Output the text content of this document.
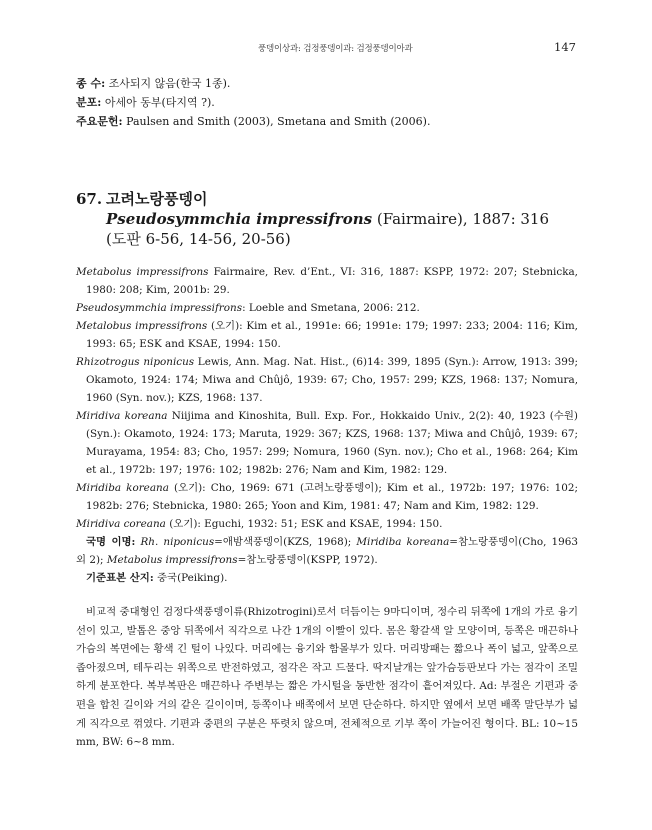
풍뎅이상과: 검정풍뎅이과: 검정풍뎅이아과	147

종 수: 조사되지 않음(한국 1종).

분포: 아세아 동부(타지역 ?).

주요문헌: Paulsen and Smith (2003), Smetana and Smith (2006).

67. 고려노랑풍뎅이
Pseudosymmchia impressifrons (Fairmaire), 1887: 316
(도판 6-56, 14-56, 20-56)

Metabolus impressifrons Fairmaire, Rev. d’Ent., VI: 316, 1887: KSPP, 1972: 207; Stebnicka, 1980: 208; Kim, 2001b: 29.

Pseudosymmchia impressifrons: Loeble and Smetana, 2006: 212.

Metalobus impressifrons (오기): Kim et al., 1991e: 66; 1991e: 179; 1997: 233; 2004: 116; Kim, 1993: 65; ESK and KSAE, 1994: 150.

Rhizotrogus niponicus Lewis, Ann. Mag. Nat. Hist., (6)14: 399, 1895 (Syn.): Arrow, 1913: 399; Okamoto, 1924: 174; Miwa and Chûjô, 1939: 67; Cho, 1957: 299; KZS, 1968: 137; Nomura, 1960 (Syn. nov.); KZS, 1968: 137.

Miridiva koreana Niijima and Kinoshita, Bull. Exp. For., Hokkaido Univ., 2(2): 40, 1923 (수원)(Syn.): Okamoto, 1924: 173; Maruta, 1929: 367; KZS, 1968: 137; Miwa and Chûjô, 1939: 67; Murayama, 1954: 83; Cho, 1957: 299; Nomura, 1960 (Syn. nov.); Cho et al., 1968: 264; Kim et al., 1972b: 197; 1976: 102; 1982b: 276; Nam and Kim, 1982: 129.

Miridiba koreana (오기): Cho, 1969: 671 (고려노랑풍뎅이); Kim et al., 1972b: 197; 1976: 102; 1982b: 276; Stebnicka, 1980: 265; Yoon and Kim, 1981: 47; Nam and Kim, 1982: 129.

Miridiva coreana (오기): Eguchi, 1932: 51; ESK and KSAE, 1994: 150.

국명 이명: Rh. niponicus=애밤색풍뎅이(KZS, 1968); Miridiba koreana=참노랑풍뎅이(Cho, 1963 외 2); Metabolus impressifrons=참노랑풍뎅이(KSPP, 1972).

기준표본 산지: 중국(Peiking).

비교적 중대형인 검정다색풍뎅이류(Rhizotrogini)로서 더듬이는 9마디이며, 정수리 뒤쪽에 1개의 가로 융기선이 있고, 발톱은 중앙 뒤쪽에서 직각으로 나간 1개의 이빨이 있다. 몸은 황갈색 알 모양이며, 등쪽은 매끈하나 가슴의 복면에는 황색 긴 털이 나있다. 머리에는 융기와 함몰부가 있다. 머리방패는 짧으나 폭이 넓고, 앞쪽으로 좁아졌으며, 테두리는 위쪽으로 반전하였고, 점각은 작고 드물다. 딱지날개는 앞가슴등판보다 가는 점각이 조밀하게 분포한다. 복부복판은 매끈하나 주변부는 짧은 가시털을 동반한 점각이 흩어져있다. Ad: 부절은 기편과 중편을 합친 길이와 거의 같은 길이이며, 등쪽이나 배쪽에서 보면 단순하다. 하지만 옆에서 보면 배쪽 말단부가 넓게 직각으로 꺾였다. 기편과 중편의 구분은 뚜렷치 않으며, 전체적으로 기부 쪽이 가늘어진 형이다. BL: 10~15 mm, BW: 6~8 mm.
